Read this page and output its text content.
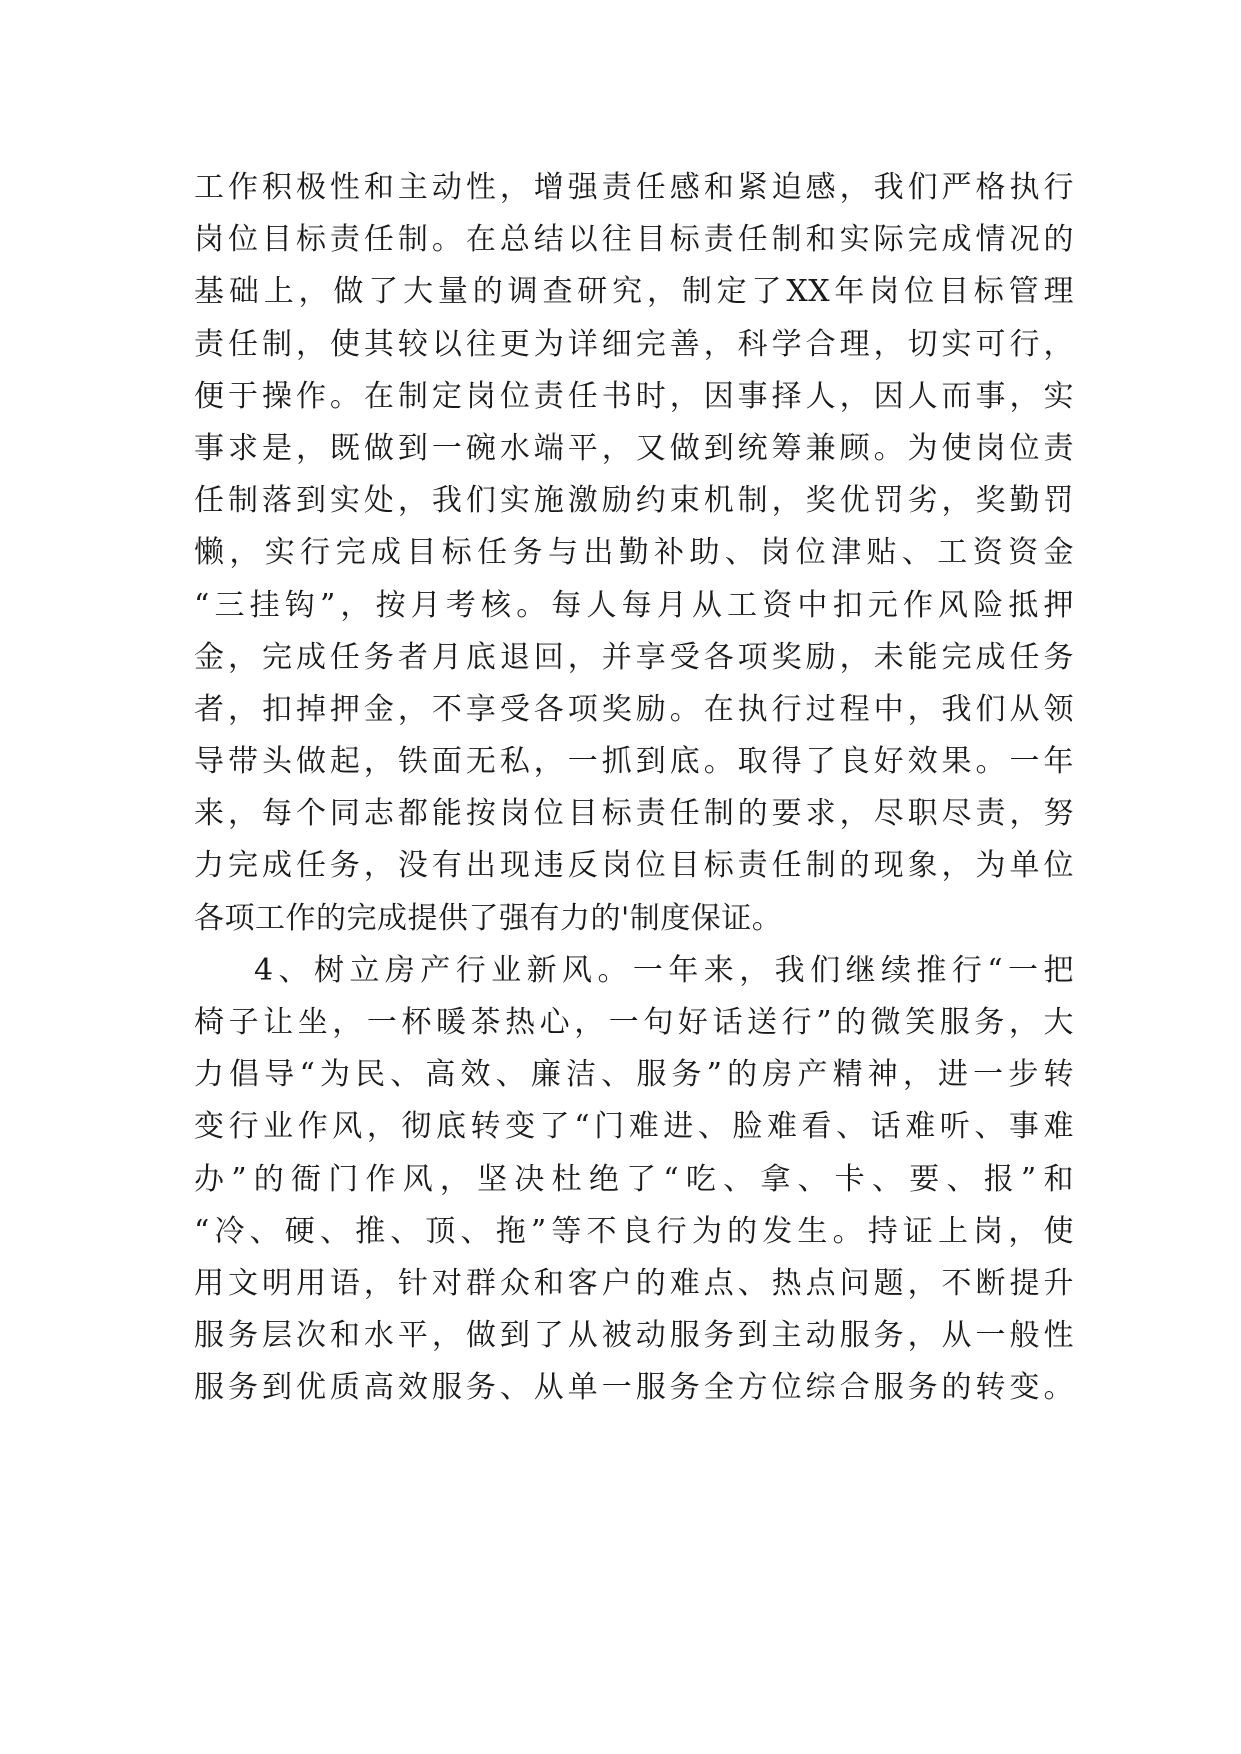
工作积极性和主动性，增强责任感和紧迫感，我们严格执行
岗位目标责任制。在总结以往目标责任制和实际完成情况的
基础上，做了大量的调查研究，制定了XX年岗位目标管理
责任制，使其较以往更为详细完善，科学合理，切实可行，
便于操作。在制定岗位责任书时，因事择人，因人而事，实
事求是，既做到一碗水端平，又做到统筹兼顾。为使岗位责
任制落到实处，我们实施激励约束机制，奖优罚劣，奖勤罚
懒，实行完成目标任务与出勤补助、岗位津贴、工资资金
“三挂钩”，按月考核。每人每月从工资中扣元作风险抵押
金，完成任务者月底退回，并享受各项奖励，未能完成任务
者，扣掉押金，不享受各项奖励。在执行过程中，我们从领
导带头做起，铁面无私，一抓到底。取得了良好效果。一年
来，每个同志都能按岗位目标责任制的要求，尽职尽责，努
力完成任务，没有出现违反岗位目标责任制的现象，为单位
各项工作的完成提供了强有力的'制度保证。
4、树立房产行业新风。一年来，我们继续推行“一把
椅子让坐，一杯暖茶热心，一句好话送行”的微笑服务，大
力倡导“为民、高效、廉洁、服务”的房产精神，进一步转
变行业作风，彻底转变了“门难进、脸难看、话难听、事难
办”的衙门作风，坚决杜绝了“吃、拿、卡、要、报”和
“冷、硬、推、顶、拖”等不良行为的发生。持证上岗，使
用文明用语，针对群众和客户的难点、热点问题，不断提升
服务层次和水平，做到了从被动服务到主动服务，从一般性
服务到优质高效服务、从单一服务全方位综合服务的转变。
